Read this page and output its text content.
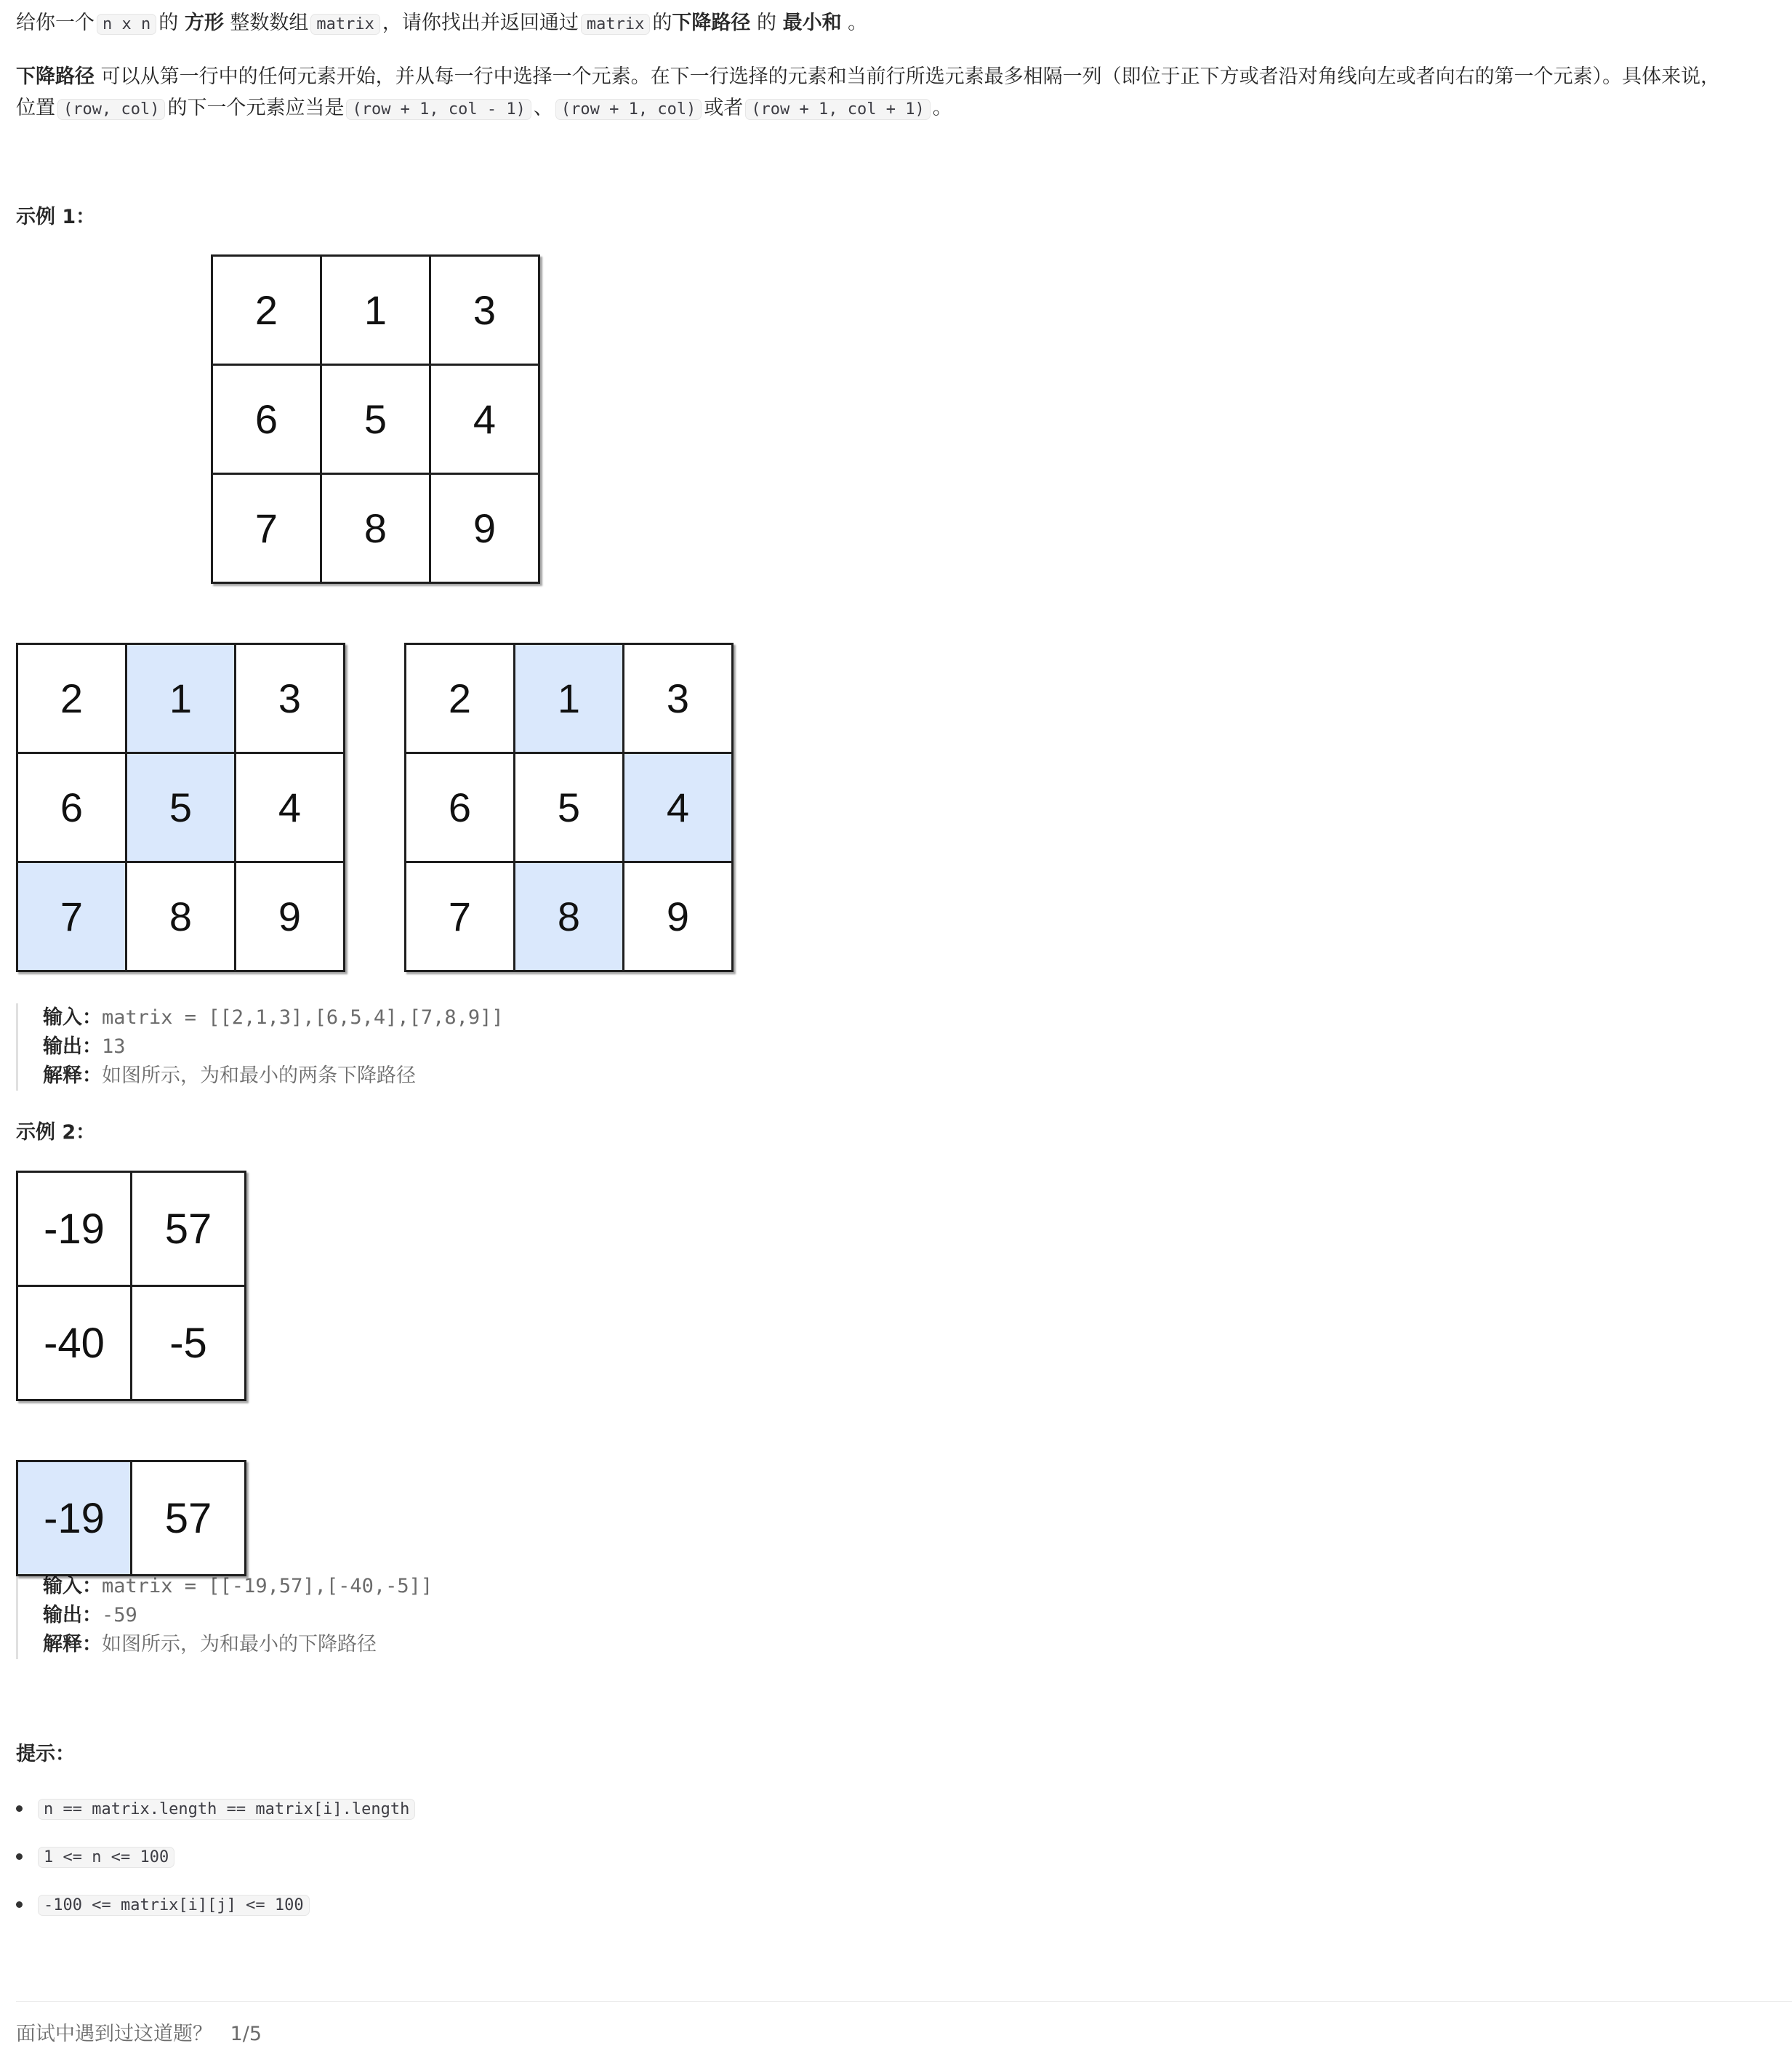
给你一个 n x n 的 方形 整数数组 matrix ，请你找出并返回通过 matrix 的下降路径 的 最小和 。
下降路径 可以从第一行中的任何元素开始，并从每一行中选择一个元素。在下一行选择的元素和当前行所选元素最多相隔一列（即位于正下方或者沿对角线向左或者向右的第一个元素）。具体来说，
位置 (row, col) 的下一个元素应当是 (row + 1, col - 1) 、 (row + 1, col) 或者 (row + 1, col + 1) 。
示例 1：
2	1	3
6	5	4
7	8	9
2	1	3
6	5	4
7	8	9
2	1	3
6	5	4
7	8	9
输入：matrix = [[2,1,3],[6,5,4],[7,8,9]]
输出：13
解释：如图所示，为和最小的两条下降路径
示例 2：
-19	57
-40	-5
输入：matrix = [[-19,57],[-40,-5]]
输出：-59
解释：如图所示，为和最小的下降路径
-19	57
提示：
n == matrix.length == matrix[i].length
1 <= n <= 100
-100 <= matrix[i][j] <= 100
面试中遇到过这道题？ 1/5
